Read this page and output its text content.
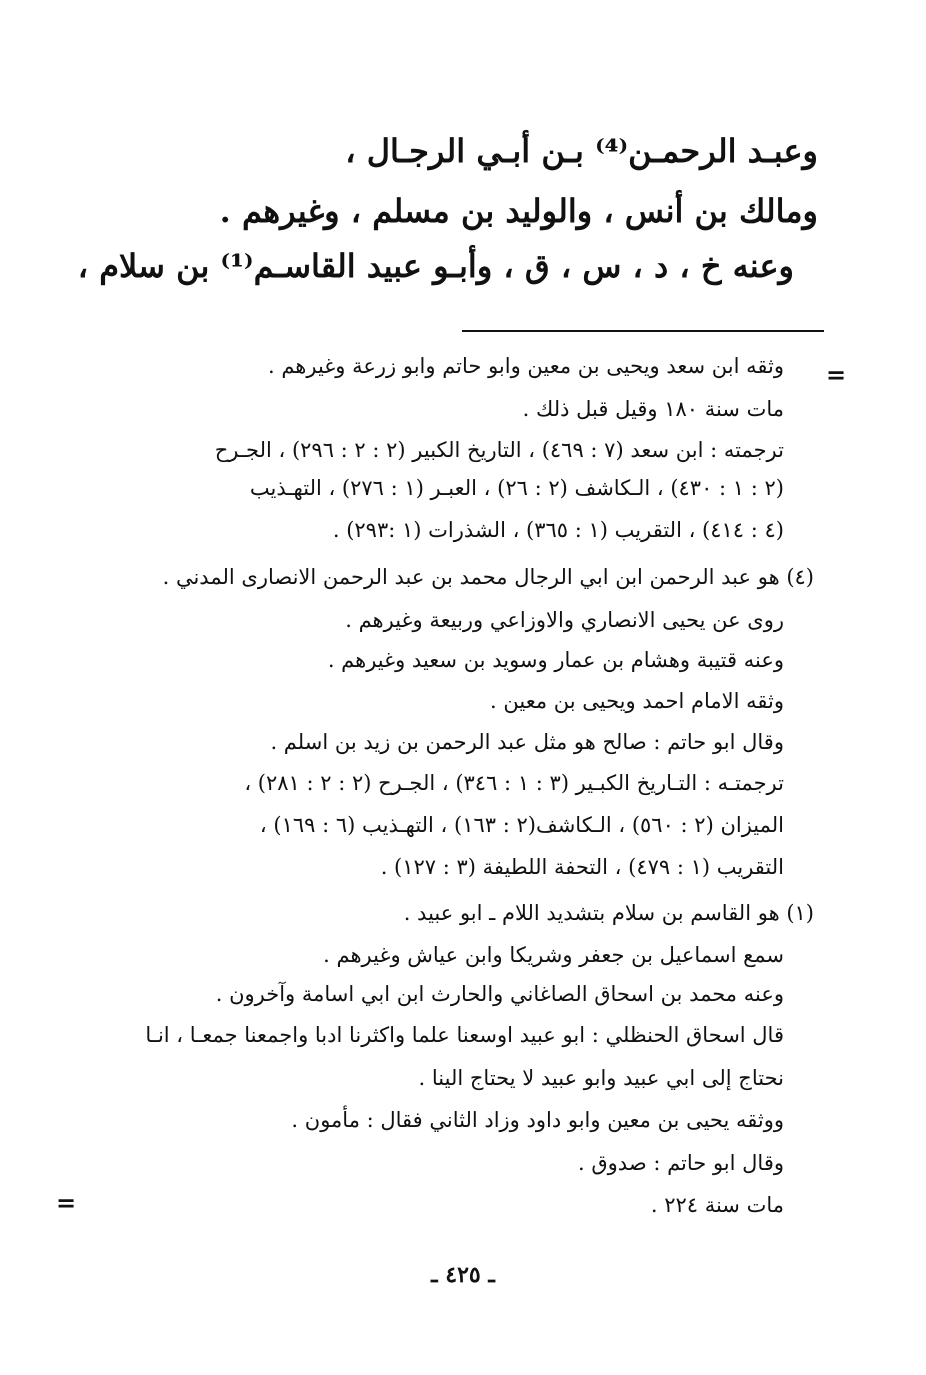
وعبـد الرحمـن⁽⁴⁾ بـن أبـي الرجـال ،
ومالك بن أنس ، والوليد بن مسلم ، وغيرهم .
وعنه خ ، د ، س ، ق ، وأبـو عبيد القاسـم⁽¹⁾ بن سلام ،
=
وثقه ابن سعد ويحيى بن معين وابو حاتم وابو زرعة وغيرهم .
مات سنة ١٨٠ وقيل قبل ذلك .
ترجمته : ابن سعد (٧ : ٤٦٩) ، التاريخ الكبير (٢ : ٢ : ٢٩٦) ، الجـرح
(٢ : ١ : ٤٣٠) ، الـكاشف (٢ : ٢٦) ، العبـر (١ : ٢٧٦) ، التهـذيب
(٤ : ٤١٤) ، التقريب (١ : ٣٦٥) ، الشذرات (١ :٢٩٣) .
(٤) هو عبد الرحمن ابن ابي الرجال محمد بن عبد الرحمن الانصارى المدني .
روى عن يحيى الانصاري والاوزاعي وربيعة وغيرهم .
وعنه قتيبة وهشام بن عمار وسويد بن سعيد وغيرهم .
وثقه الامام احمد ويحيى بن معين .
وقال ابو حاتم : صالح هو مثل عبد الرحمن بن زيد بن اسلم .
ترجمتـه : التـاريخ الكبـير (٣ : ١ : ٣٤٦) ، الجـرح (٢ : ٢ : ٢٨١) ،
الميزان (٢ : ٥٦٠) ، الـكاشف(٢ : ١٦٣) ، التهـذيب (٦ : ١٦٩) ،
التقريب (١ : ٤٧٩) ، التحفة اللطيفة (٣ : ١٢٧) .
(١) هو القاسم بن سلام بتشديد اللام ـ ابو عبيد .
سمع اسماعيل بن جعفر وشريكا وابن عياش وغيرهم .
وعنه محمد بن اسحاق الصاغاني والحارث ابن ابي اسامة وآخرون .
قال اسحاق الحنظلي : ابو عبيد اوسعنا علما واكثرنا ادبا واجمعنا جمعـا ، انـا
نحتاج إلى ابي عبيد وابو عبيد لا يحتاج الينا .
ووثقه يحيى بن معين وابو داود وزاد الثاني فقال : مأمون .
وقال ابو حاتم : صدوق .
مات سنة ٢٢٤ .
=
ـ ٤٢٥ ـ
